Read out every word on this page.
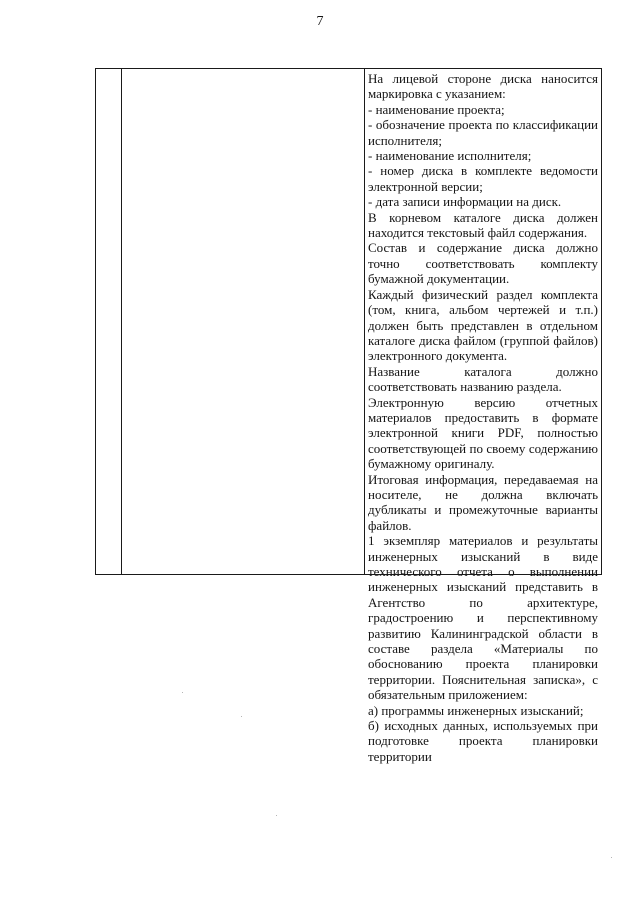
7

На лицевой стороне диска наносится маркировка с указанием:

- наименование проекта;

- обозначение проекта по классификации исполнителя;

- наименование исполнителя;

- номер диска в комплекте ведомости электронной версии;

- дата записи информации на диск.

В корневом каталоге диска должен находится текстовый файл содержания.

Состав и содержание диска должно точно соответствовать комплекту бумажной документации.

Каждый физический раздел комплекта (том, книга, альбом чертежей и т.п.) должен быть представлен в отдельном каталоге диска файлом (группой файлов) электронного документа.

Название каталога должно соответствовать названию раздела.

Электронную версию отчетных материалов предоставить в формате электронной книги PDF, полностью соответствующей по своему содержанию бумажному оригиналу.

Итоговая информация, передаваемая на носителе, не должна включать дубликаты и промежуточные варианты файлов.

1 экземпляр материалов и результаты инженерных изысканий в виде технического отчета о выполнении инженерных изысканий представить в Агентство по архитектуре, градостроению и перспективному развитию Калининградской области в составе раздела «Материалы по обоснованию проекта планировки территории. Пояснительная записка», с обязательным приложением:

а) программы инженерных изысканий;

б) исходных данных, используемых при подготовке проекта планировки территории
